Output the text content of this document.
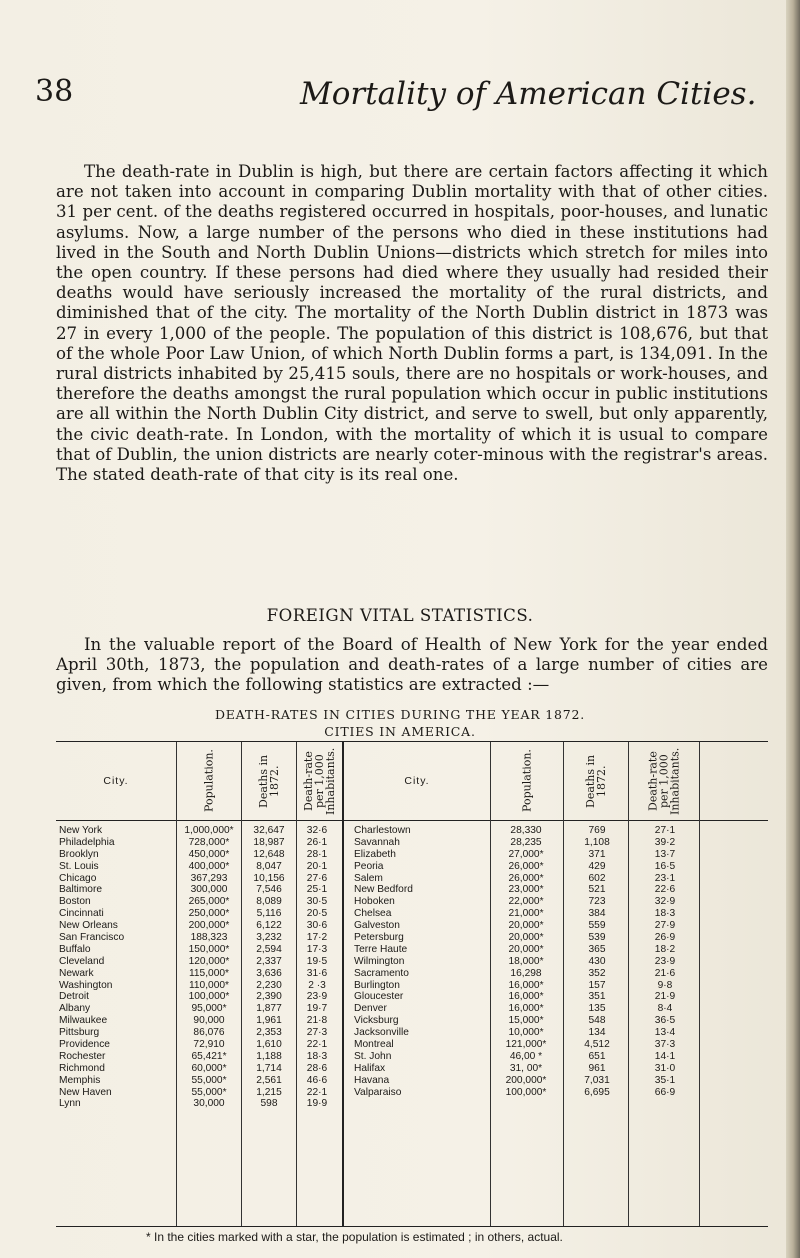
38	Mortality of American Cities.

The death-rate in Dublin is high, but there are certain factors affecting it which are not taken into account in comparing Dublin mortality with that of other cities. 31 per cent. of the deaths registered occurred in hospitals, poor-houses, and lunatic asylums. Now, a large number of the persons who died in these institutions had lived in the South and North Dublin Unions—districts which stretch for miles into the open country. If these persons had died where they usually had resided their deaths would have seriously increased the mortality of the rural districts, and diminished that of the city. The mortality of the North Dublin district in 1873 was 27 in every 1,000 of the people. The population of this district is 108,676, but that of the whole Poor Law Union, of which North Dublin forms a part, is 134,091. In the rural districts inhabited by 25,415 souls, there are no hospitals or work-houses, and therefore the deaths amongst the rural population which occur in public institutions are all within the North Dublin City district, and serve to swell, but only apparently, the civic death-rate. In London, with the mortality of which it is usual to compare that of Dublin, the union districts are nearly coter-minous with the registrar's areas. The stated death-rate of that city is its real one.

FOREIGN VITAL STATISTICS.

In the valuable report of the Board of Health of New York for the year ended April 30th, 1873, the population and death-rates of a large number of cities are given, from which the following statistics are extracted :—

DEATH-RATES IN CITIES DURING THE YEAR 1872.
CITIES IN AMERICA.
City.	Population.	Deaths in 1872.	Death-rate per 1,000 Inhabitants.	City.	Population.	Deaths in 1872.	Death-rate per 1,000 Inhabitants.
New York	1,000,000*	32,647	32·6	Charlestown	28,330	769	27·1
Philadelphia	728,000*	18,987	26·1	Savannah	28,235	1,108	39·2
Brooklyn	450,000*	12,648	28·1	Elizabeth	27,000*	371	13·7
St. Louis	400,000*	8,047	20·1	Peoria	26,000*	429	16·5
Chicago	367,293	10,156	27·6	Salem	26,000*	602	23·1
Baltimore	300,000	7,546	25·1	New Bedford	23,000*	521	22·6
Boston	265,000*	8,089	30·5	Hoboken	22,000*	723	32·9
Cincinnati	250,000*	5,116	20·5	Chelsea	21,000*	384	18·3
New Orleans	200,000*	6,122	30·6	Galveston	20,000*	559	27·9
San Francisco	188,323	3,232	17·2	Petersburg	20,000*	539	26·9
Buffalo	150,000*	2,594	17·3	Terre Haute	20,000*	365	18·2
Cleveland	120,000*	2,337	19·5	Wilmington	18,000*	430	23·9
Newark	115,000*	3,636	31·6	Sacramento	16,298	352	21·6
Washington	110,000*	2,230	2 ·3	Burlington	16,000*	157	9·8
Detroit	100,000*	2,390	23·9	Gloucester	16,000*	351	21·9
Albany	95,000*	1,877	19·7	Denver	16,000*	135	8·4
Milwaukee	90,000	1,961	21·8	Vicksburg	15,000*	548	36·5
Pittsburg	86,076	2,353	27·3	Jacksonville	10,000*	134	13·4
Providence	72,910	1,610	22·1	Montreal	121,000*	4,512	37·3
Rochester	65,421*	1,188	18·3	St. John	46,00 *	651	14·1
Richmond	60,000*	1,714	28·6	Halifax	31, 00*	961	31·0
Memphis	55,000*	2,561	46·6	Havana	200,000*	7,031	35·1
New Haven	55,000*	1,215	22·1	Valparaiso	100,000*	6,695	66·9
Lynn	30,000	598	19·9
* In the cities marked with a star, the population is estimated ; in others, actual.
